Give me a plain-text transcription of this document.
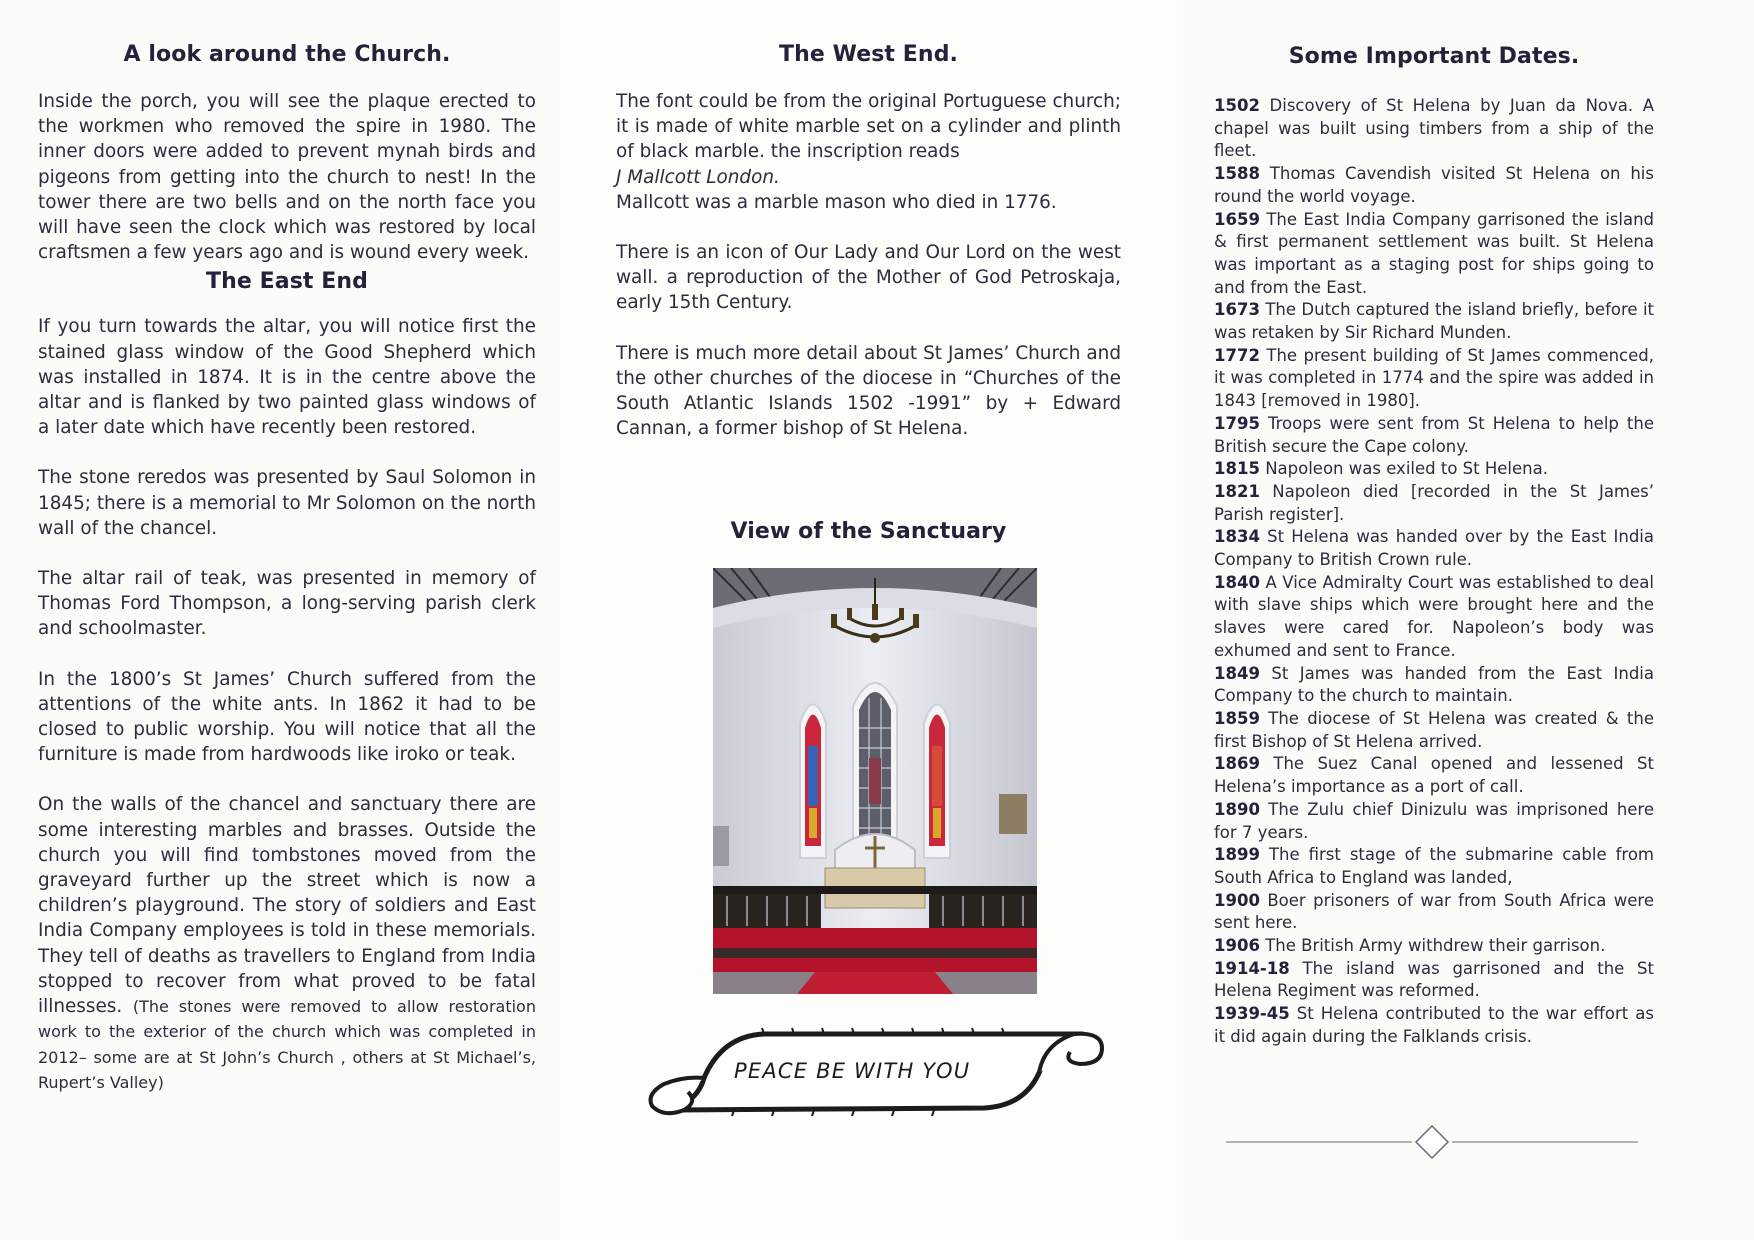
A look around the Church.

Inside the porch, you will see the plaque erected to the workmen who removed the spire in 1980. The inner doors were added to prevent mynah birds and pigeons from getting into the church to nest! In the tower there are two bells and on the north face you will have seen the clock which was restored by local craftsmen a few years ago and is wound every week.

The East End

If you turn towards the altar, you will notice first the stained glass window of the Good Shepherd which was installed in 1874. It is in the centre above the altar and is flanked by two painted glass windows of a later date which have recently been restored.

The stone reredos was presented by Saul Solomon in 1845; there is a memorial to Mr Solomon on the north wall of the chancel.

The altar rail of teak, was presented in memory of Thomas Ford Thompson, a long-serving parish clerk and schoolmaster.

In the 1800’s St James’ Church suffered from the attentions of the white ants. In 1862 it had to be closed to public worship. You will notice that all the furniture is made from hardwoods like iroko or teak.

On the walls of the chancel and sanctuary there are some interesting marbles and brasses. Outside the church you will find tombstones moved from the graveyard further up the street which is now a children’s playground. The story of soldiers and East India Company employees is told in these memorials. They tell of deaths as travellers to England from India stopped to recover from what proved to be fatal illnesses. (The stones were removed to allow restoration work to the exterior of the church which was completed in 2012– some are at St John’s Church , others at St Michael’s, Rupert’s Valley)

The West End.

The font could be from the original Portuguese church; it is made of white marble set on a cylinder and plinth of black marble. the inscription reads
J Mallcott London.
Mallcott was a marble mason who died in 1776.

There is an icon of Our Lady and Our Lord on the west wall. a reproduction of the Mother of God Petroskaja, early 15th Century.

There is much more detail about St James’ Church and the other churches of the diocese in “Churches of the South Atlantic Islands 1502 -1991” by + Edward Cannan, a former bishop of St Helena.

View of the Sanctuary
PEACE BE WITH YOU
Some Important Dates.

1502 Discovery of St Helena by Juan da Nova. A chapel was built using timbers from a ship of the fleet.

1588 Thomas Cavendish visited St Helena on his round the world voyage.

1659 The East India Company garrisoned the island & first permanent settlement was built. St Helena was important as a staging post for ships going to and from the East.

1673 The Dutch captured the island briefly, before it was retaken by Sir Richard Munden.

1772 The present building of St James commenced, it was completed in 1774 and the spire was added in 1843 [removed in 1980].

1795 Troops were sent from St Helena to help the British secure the Cape colony.

1815 Napoleon was exiled to St Helena.

1821 Napoleon died [recorded in the St James’ Parish register].

1834 St Helena was handed over by the East India Company to British Crown rule.

1840 A Vice Admiralty Court was established to deal with slave ships which were brought here and the slaves were cared for. Napoleon’s body was exhumed and sent to France.

1849 St James was handed from the East India Company to the church to maintain.

1859 The diocese of St Helena was created & the first Bishop of St Helena arrived.

1869 The Suez Canal opened and lessened St Helena’s importance as a port of call.

1890 The Zulu chief Dinizulu was imprisoned here for 7 years.

1899 The first stage of the submarine cable from South Africa to England was landed,

1900 Boer prisoners of war from South Africa were sent here.

1906 The British Army withdrew their garrison.

1914-18 The island was garrisoned and the St Helena Regiment was reformed.

1939-45 St Helena contributed to the war effort as it did again during the Falklands crisis.
